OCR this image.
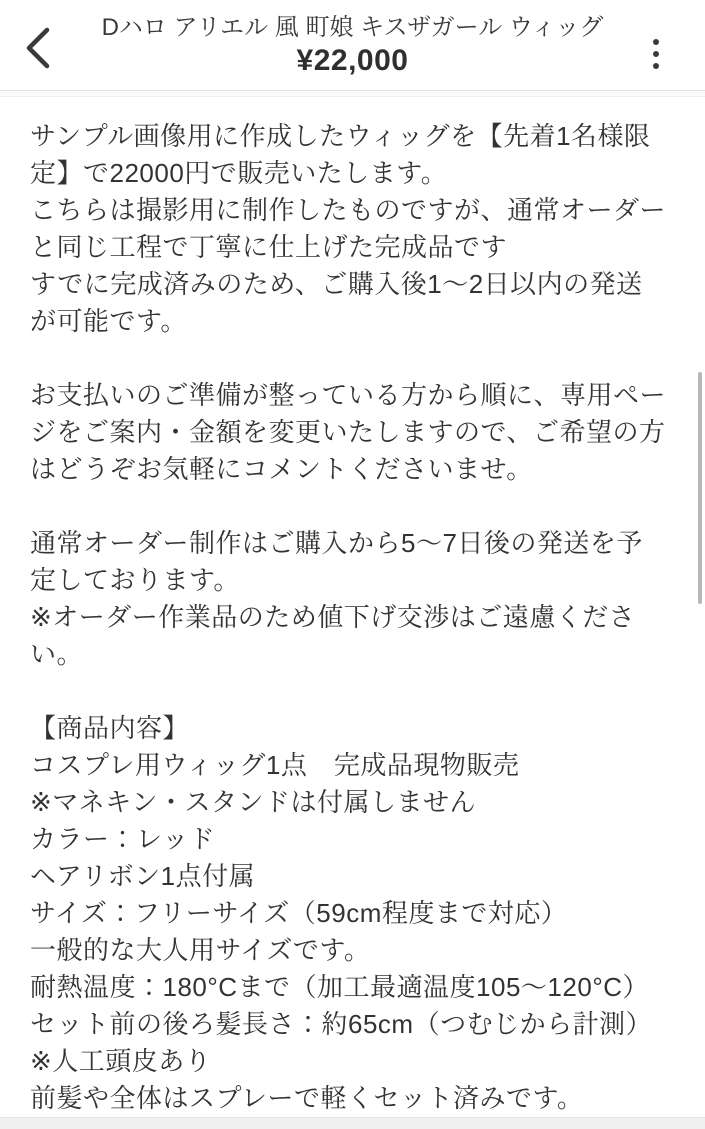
Dハロ アリエル 風 町娘 キスザガール ウィッグ
¥22,000

サンプル画像用に作成したウィッグを【先着1名様限
定】で22000円で販売いたします。
こちらは撮影用に制作したものですが、通常オーダー
と同じ工程で丁寧に仕上げた完成品です
すでに完成済みのため、ご購入後1〜2日以内の発送
が可能です。

お支払いのご準備が整っている方から順に、専用ペー
ジをご案内・金額を変更いたしますので、ご希望の方
はどうぞお気軽にコメントくださいませ。

通常オーダー制作はご購入から5〜7日後の発送を予
定しております。
※オーダー作業品のため値下げ交渉はご遠慮ください。

【商品内容】
コスプレ用ウィッグ1点　完成品現物販売
※マネキン・スタンドは付属しません
カラー：レッド
ヘアリボン1点付属
サイズ：フリーサイズ（59cm程度まで対応）
一般的な大人用サイズです。
耐熱温度：180°Cまで（加工最適温度105〜120°C）
セット前の後ろ髪長さ：約65cm（つむじから計測）
※人工頭皮あり
前髪や全体はスプレーで軽くセット済みです。
